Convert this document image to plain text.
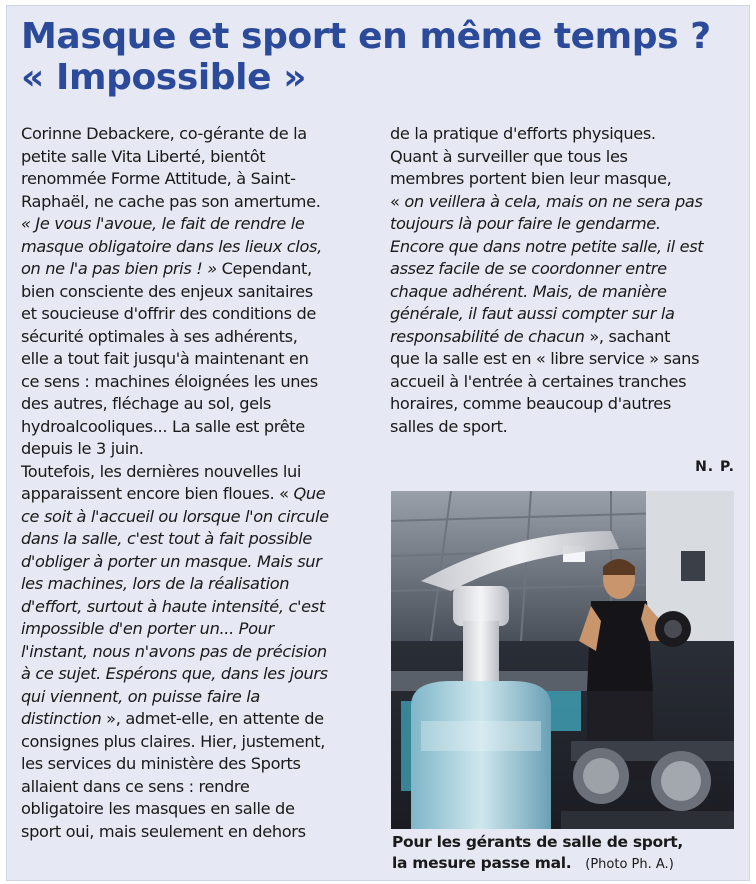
Masque et sport en même temps ?
« Impossible »
Corinne Debackere, co-gérante de la
petite salle Vita Liberté, bientôt
renommée Forme Attitude, à Saint-
Raphaël, ne cache pas son amertume.
« Je vous l'avoue, le fait de rendre le
masque obligatoire dans les lieux clos,
on ne l'a pas bien pris ! » Cependant,
bien consciente des enjeux sanitaires
et soucieuse d'offrir des conditions de
sécurité optimales à ses adhérents,
elle a tout fait jusqu'à maintenant en
ce sens : machines éloignées les unes
des autres, fléchage au sol, gels
hydroalcooliques... La salle est prête
depuis le 3 juin.
Toutefois, les dernières nouvelles lui
apparaissent encore bien floues. « Que
ce soit à l'accueil ou lorsque l'on circule
dans la salle, c'est tout à fait possible
d'obliger à porter un masque. Mais sur
les machines, lors de la réalisation
d'effort, surtout à haute intensité, c'est
impossible d'en porter un... Pour
l'instant, nous n'avons pas de précision
à ce sujet. Espérons que, dans les jours
qui viennent, on puisse faire la
distinction », admet-elle, en attente de
consignes plus claires. Hier, justement,
les services du ministère des Sports
allaient dans ce sens : rendre
obligatoire les masques en salle de
sport oui, mais seulement en dehors
de la pratique d'efforts physiques.
Quant à surveiller que tous les
membres portent bien leur masque,
« on veillera à cela, mais on ne sera pas
toujours là pour faire le gendarme.
Encore que dans notre petite salle, il est
assez facile de se coordonner entre
chaque adhérent. Mais, de manière
générale, il faut aussi compter sur la
responsabilité de chacun », sachant
que la salle est en « libre service » sans
accueil à l'entrée à certaines tranches
horaires, comme beaucoup d'autres
salles de sport.
N. P.
Pour les gérants de salle de sport,
la mesure passe mal. (Photo Ph. A.)
